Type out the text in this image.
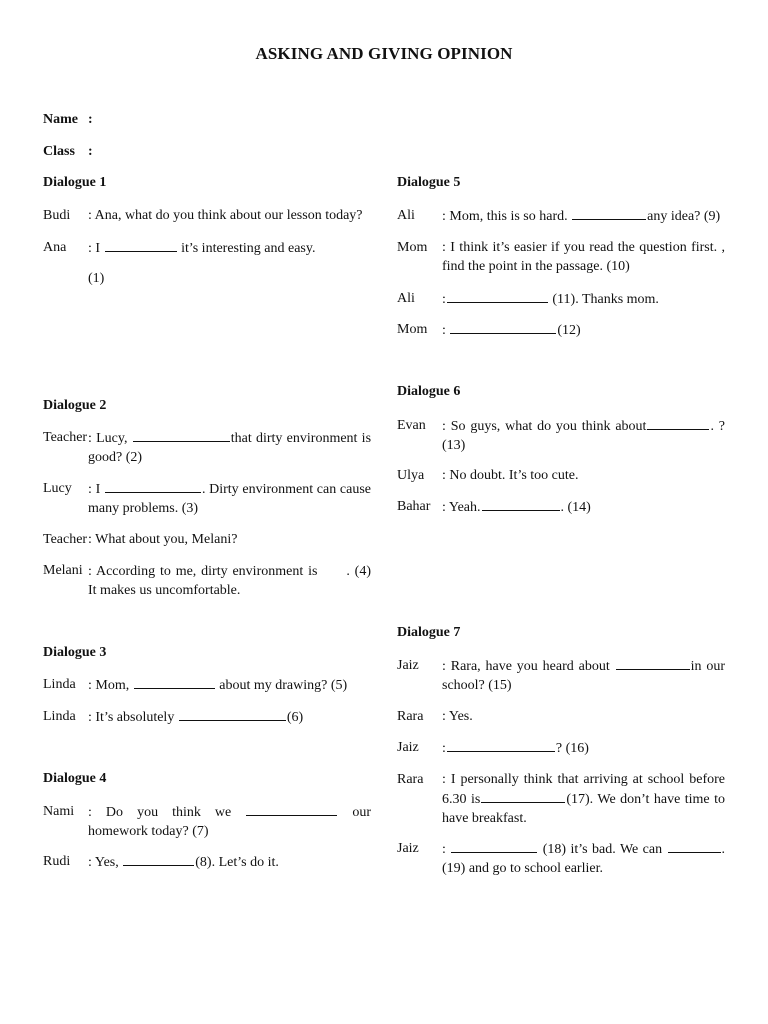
ASKING AND GIVING OPINION
Name :
Class :
Dialogue 1
Budi	: Ana, what do you think about our lesson today?
Ana	: I	it’s interesting and easy.
(1)
Dialogue 2
Teacher : Lucy,	that dirty environment is good? (2)
Lucy	: I	. Dirty environment can cause many problems. (3)
Teacher : What about you, Melani?
Melani : According to me, dirty environment is . (4) It makes us uncomfortable.
Dialogue 3
Linda : Mom,	about my drawing? (5)
Linda : It’s absolutely	(6)
Dialogue 4
Nami : Do you think we	our homework today? (7)
Rudi	: Yes,	(8). Let’s do it.
Dialogue 5
Ali	: Mom, this is so hard.	any idea? (9)
Mom	: I think it’s easier if you read the question first. , find the point in the passage. (10)
Ali	:	(11). Thanks mom.
Mom	:	(12)
Dialogue 6
Evan	: So guys, what do you think about	. ? (13)
Ulya	: No doubt. It’s too cute.
Bahar : Yeah.	. (14)
Dialogue 7
Jaiz	: Rara, have you heard about	in our school? (15)
Rara	: Yes.
Jaiz	:	? (16)
Rara	: I personally think that arriving at school before 6.30 is	(17). We don’t have time to have breakfast.
Jaiz	:	(18) it’s bad. We can	. (19) and go to school earlier.
